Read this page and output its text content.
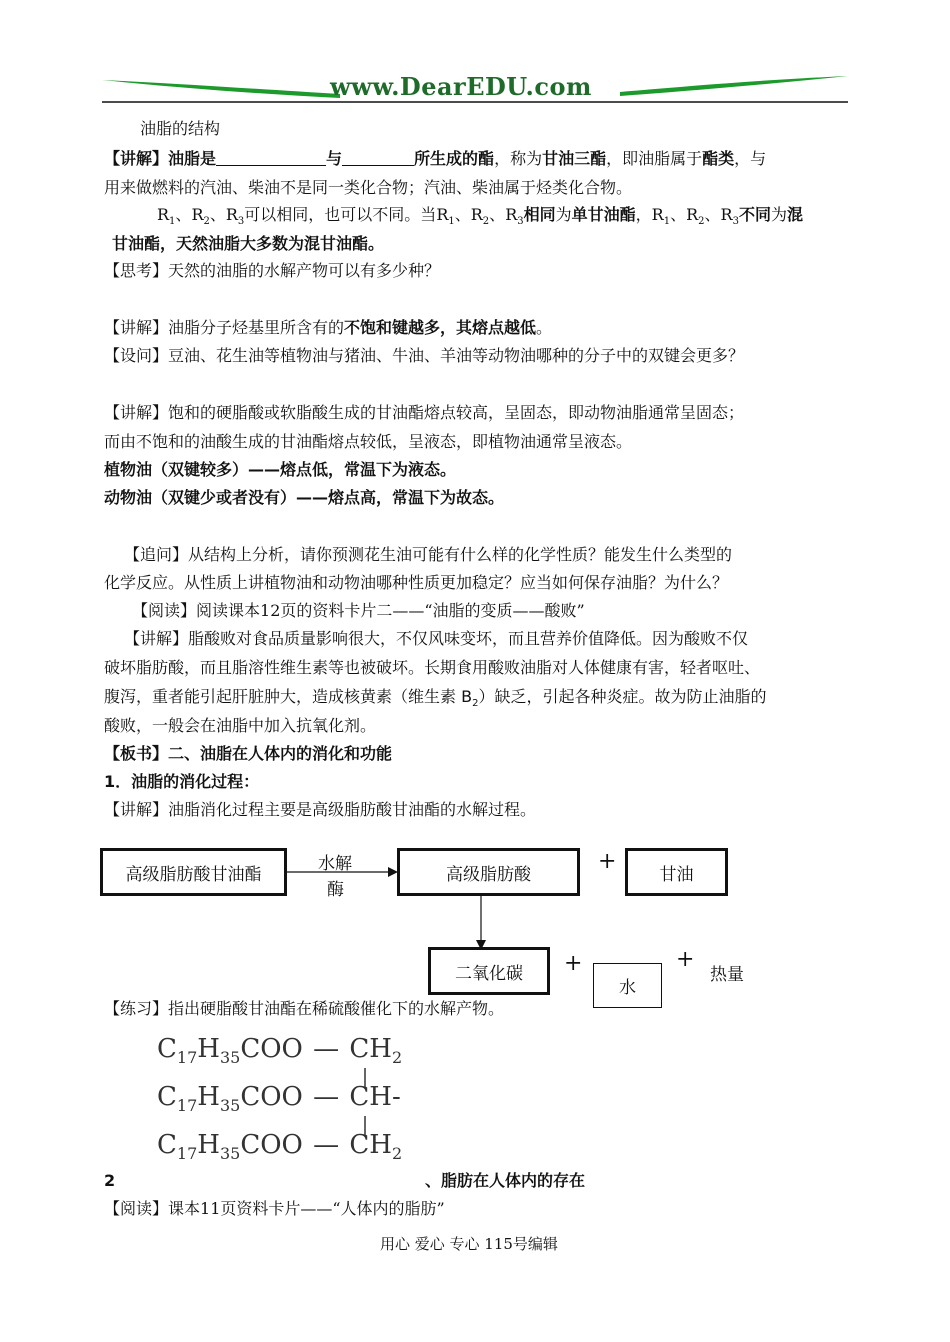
www.DearEDU.com
油脂的结构
【讲解】油脂是	与	所生成的酯，称为甘油三酯，即油脂属于酯类，与
用来做燃料的汽油、柴油不是同一类化合物；汽油、柴油属于烃类化合物。
$R_1$、$R_2$、$R_3$可以相同，也可以不同。当$R_1$、$R_2$、$R_3$相同为单甘油酯，$R_1$、$R_2$、$R_3$不同为混
甘油酯，天然油脂大多数为混甘油酯。
【思考】天然的油脂的水解产物可以有多少种？
【讲解】油脂分子烃基里所含有的不饱和键越多，其熔点越低。
【设问】豆油、花生油等植物油与猪油、牛油、羊油等动物油哪种的分子中的双键会更多？
【讲解】饱和的硬脂酸或软脂酸生成的甘油酯熔点较高，呈固态，即动物油脂通常呈固态；
而由不饱和的油酸生成的甘油酯熔点较低，呈液态，即植物油通常呈液态。
植物油（双键较多）——熔点低，常温下为液态。
动物油（双键少或者没有）——熔点高，常温下为故态。
【追问】从结构上分析，请你预测花生油可能有什么样的化学性质？能发生什么类型的
化学反应。从性质上讲植物油和动物油哪种性质更加稳定？应当如何保存油脂？为什么？
【阅读】阅读课本12页的资料卡片二——“油脂的变质——酸败”
【讲解】脂酸败对食品质量影响很大，不仅风味变坏，而且营养价值降低。因为酸败不仅
破坏脂肪酸，而且脂溶性维生素等也被破坏。长期食用酸败油脂对人体健康有害，轻者呕吐、
腹泻，重者能引起肝脏肿大，造成核黄素（维生素 $B_2$）缺乏，引起各种炎症。故为防止油脂的
酸败，一般会在油脂中加入抗氧化剂。
【板书】二、油脂在人体内的消化和功能
1．油脂的消化过程：
【讲解】油脂消化过程主要是高级脂肪酸甘油酯的水解过程。
高级脂肪酸甘油酯
水解
酶
高级脂肪酸
+
甘油
二氧化碳 +
水
+
热量
【练习】指出硬脂酸甘油酯在稀硫酸催化下的水解产物。
$C_{17}H_{35}COO$ — $CH_2$
$C_{17}H_{35}COO$ — CH-
$C_{17}H_{35}COO$ — $CH_2$
2	、脂肪在人体内的存在
【阅读】课本11页资料卡片——“人体内的脂肪”
用心 爱心 专心 115号编辑
